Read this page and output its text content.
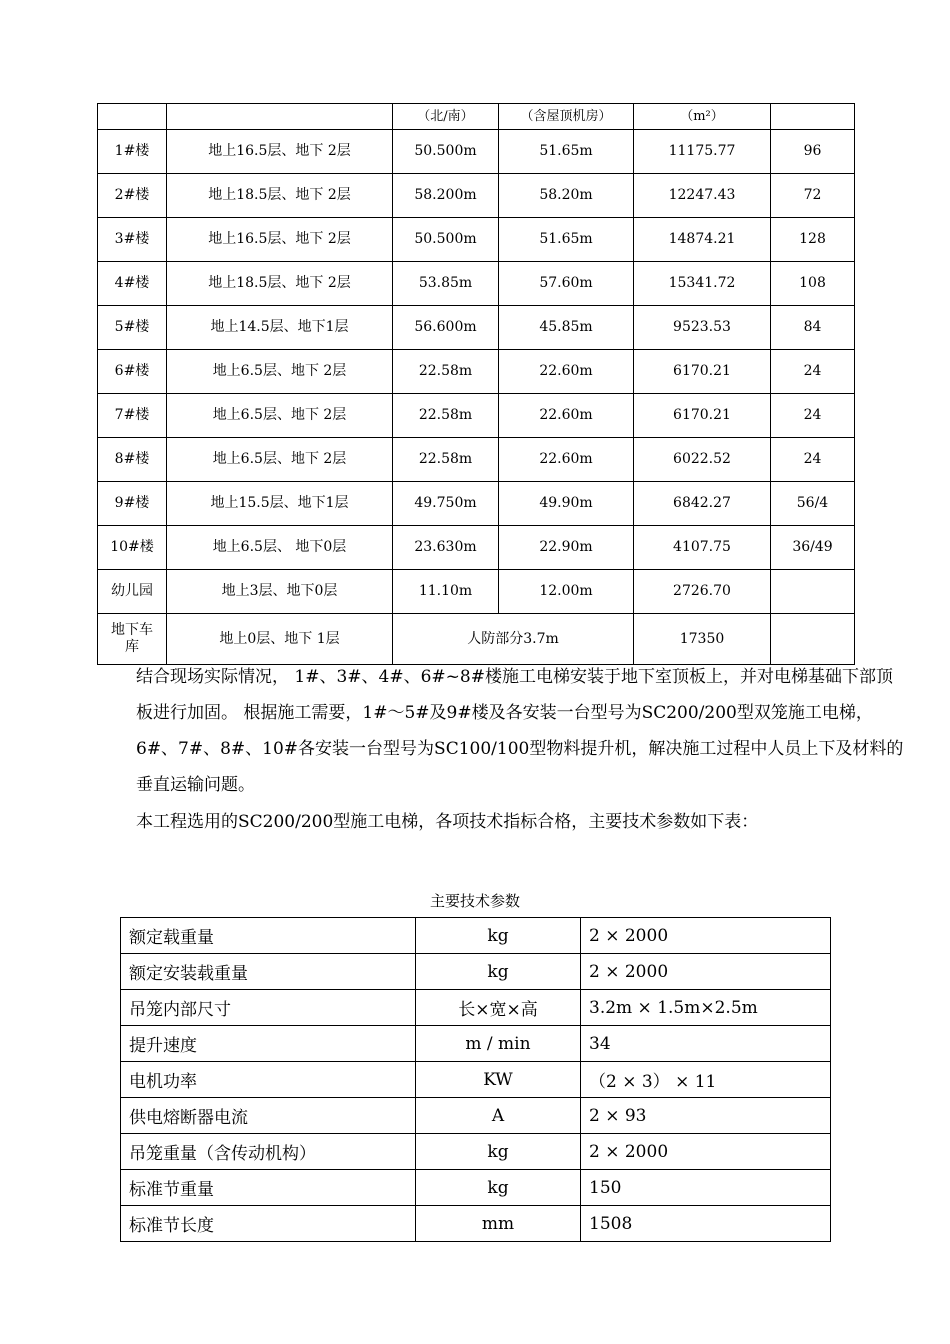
		（北/南）	（含屋顶机房）	（m²）	
1#楼	地上16.5层、地下 2层	50.500m	51.65m	11175.77	96
2#楼	地上18.5层、地下 2层	58.200m	58.20m	12247.43	72
3#楼	地上16.5层、地下 2层	50.500m	51.65m	14874.21	128
4#楼	地上18.5层、地下 2层	53.85m	57.60m	15341.72	108
5#楼	地上14.5层、地下1层	56.600m	45.85m	9523.53	84
6#楼	地上6.5层、地下 2层	22.58m	22.60m	6170.21	24
7#楼	地上6.5层、地下 2层	22.58m	22.60m	6170.21	24
8#楼	地上6.5层、地下 2层	22.58m	22.60m	6022.52	24
9#楼	地上15.5层、地下1层	49.750m	49.90m	6842.27	56/4
10#楼	地上6.5层、 地下0层	23.630m	22.90m	4107.75	36/49
幼儿园	地上3层、地下0层	11.10m	12.00m	2726.70	
地下车库	地上0层、地下 1层	人防部分3.7m		17350	
结合现场实际情况， 1#、3#、4#、6#~8#楼施工电梯安装于地下室顶板上，并对电梯基础下部顶板进行加固。 根据施工需要，1#～5#及9#楼及各安装一台型号为SC200/200型双笼施工电梯，6#、7#、8#、10#各安装一台型号为SC100/100型物料提升机，解决施工过程中人员上下及材料的垂直运输问题。
本工程选用的SC200/200型施工电梯，各项技术指标合格，主要技术参数如下表：
主要技术参数
额定载重量	kg	2 × 2000
额定安装载重量	kg	2 × 2000
吊笼内部尺寸	长×宽×高	3.2m × 1.5m×2.5m
提升速度	m / min	34
电机功率	KW	（2 × 3） × 11
供电熔断器电流	A	2 × 93
吊笼重量（含传动机构）	kg	2 × 2000
标准节重量	kg	150
标准节长度	mm	1508
